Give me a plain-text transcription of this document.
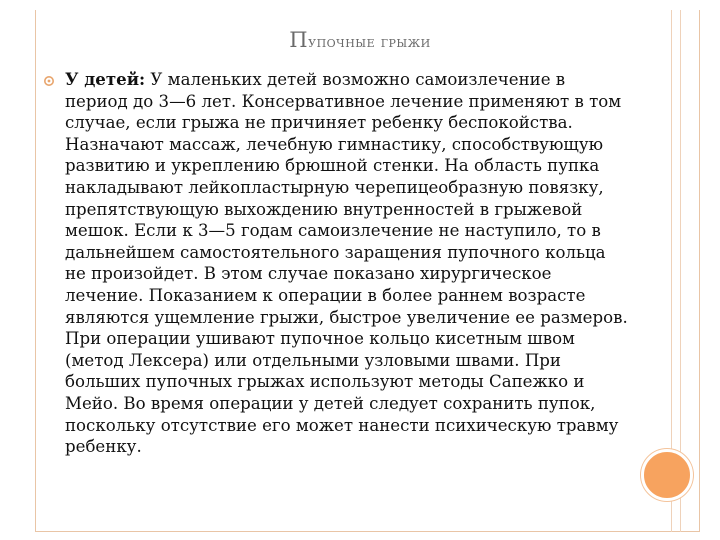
Пупочные грыжи
У детей: У маленьких детей возможно самоизлечение в период до 3—6 лет. Консервативное лечение применяют в том случае, если грыжа не причиняет ребенку беспокойства. Назначают массаж, лечебную гимнастику, способствующую развитию и укреплению брюшной стенки. На область пупка накладывают лейкопластырную черепицеобразную повязку, препятствующую выхождению внутренностей в грыжевой мешок. Если к 3—5 годам самоизлечение не наступило, то в дальнейшем самостоятельного заращения пупочного кольца не произойдет. В этом случае показано хирургическое лечение. Показанием к операции в более раннем возрасте являются ущемление грыжи, быстрое увеличение ее размеров. При операции ушивают пупочное кольцо кисетным швом (метод Лексера) или отдельными узловыми швами. При больших пупочных грыжах используют методы Сапежко и Мейо. Во время операции у детей следует сохранить пупок, поскольку отсутствие его может нанести психическую травму ребенку.
